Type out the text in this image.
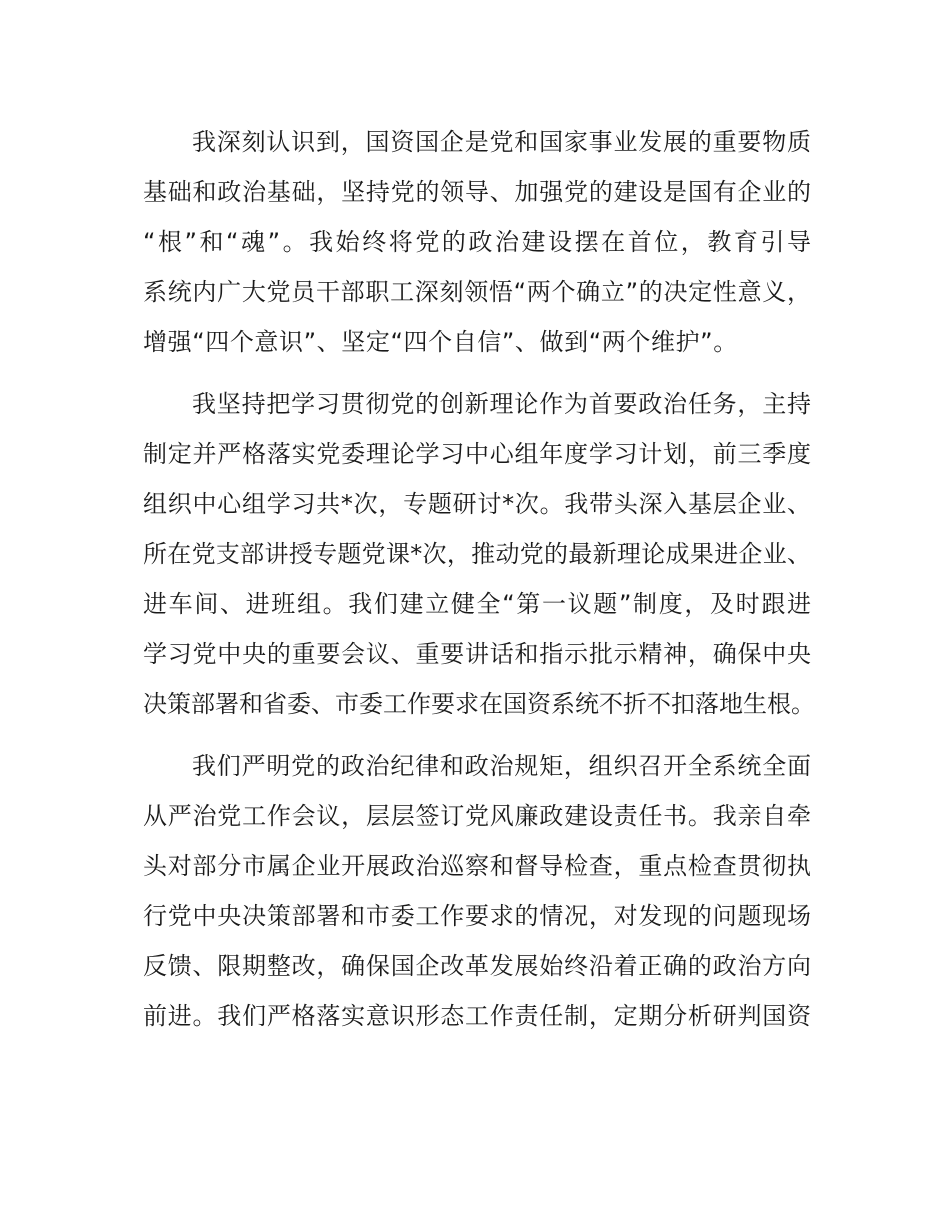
我深刻认识到，国资国企是党和国家事业发展的重要物质
基础和政治基础，坚持党的领导、加强党的建设是国有企业的
“根”和“魂”。我始终将党的政治建设摆在首位，教育引导
系统内广大党员干部职工深刻领悟“两个确立”的决定性意义，
增强“四个意识”、坚定“四个自信”、做到“两个维护”。
我坚持把学习贯彻党的创新理论作为首要政治任务，主持
制定并严格落实党委理论学习中心组年度学习计划，前三季度
组织中心组学习共*次，专题研讨*次。我带头深入基层企业、
所在党支部讲授专题党课*次，推动党的最新理论成果进企业、
进车间、进班组。我们建立健全“第一议题”制度，及时跟进
学习党中央的重要会议、重要讲话和指示批示精神，确保中央
决策部署和省委、市委工作要求在国资系统不折不扣落地生根。
我们严明党的政治纪律和政治规矩，组织召开全系统全面
从严治党工作会议，层层签订党风廉政建设责任书。我亲自牵
头对部分市属企业开展政治巡察和督导检查，重点检查贯彻执
行党中央决策部署和市委工作要求的情况，对发现的问题现场
反馈、限期整改，确保国企改革发展始终沿着正确的政治方向
前进。我们严格落实意识形态工作责任制，定期分析研判国资
